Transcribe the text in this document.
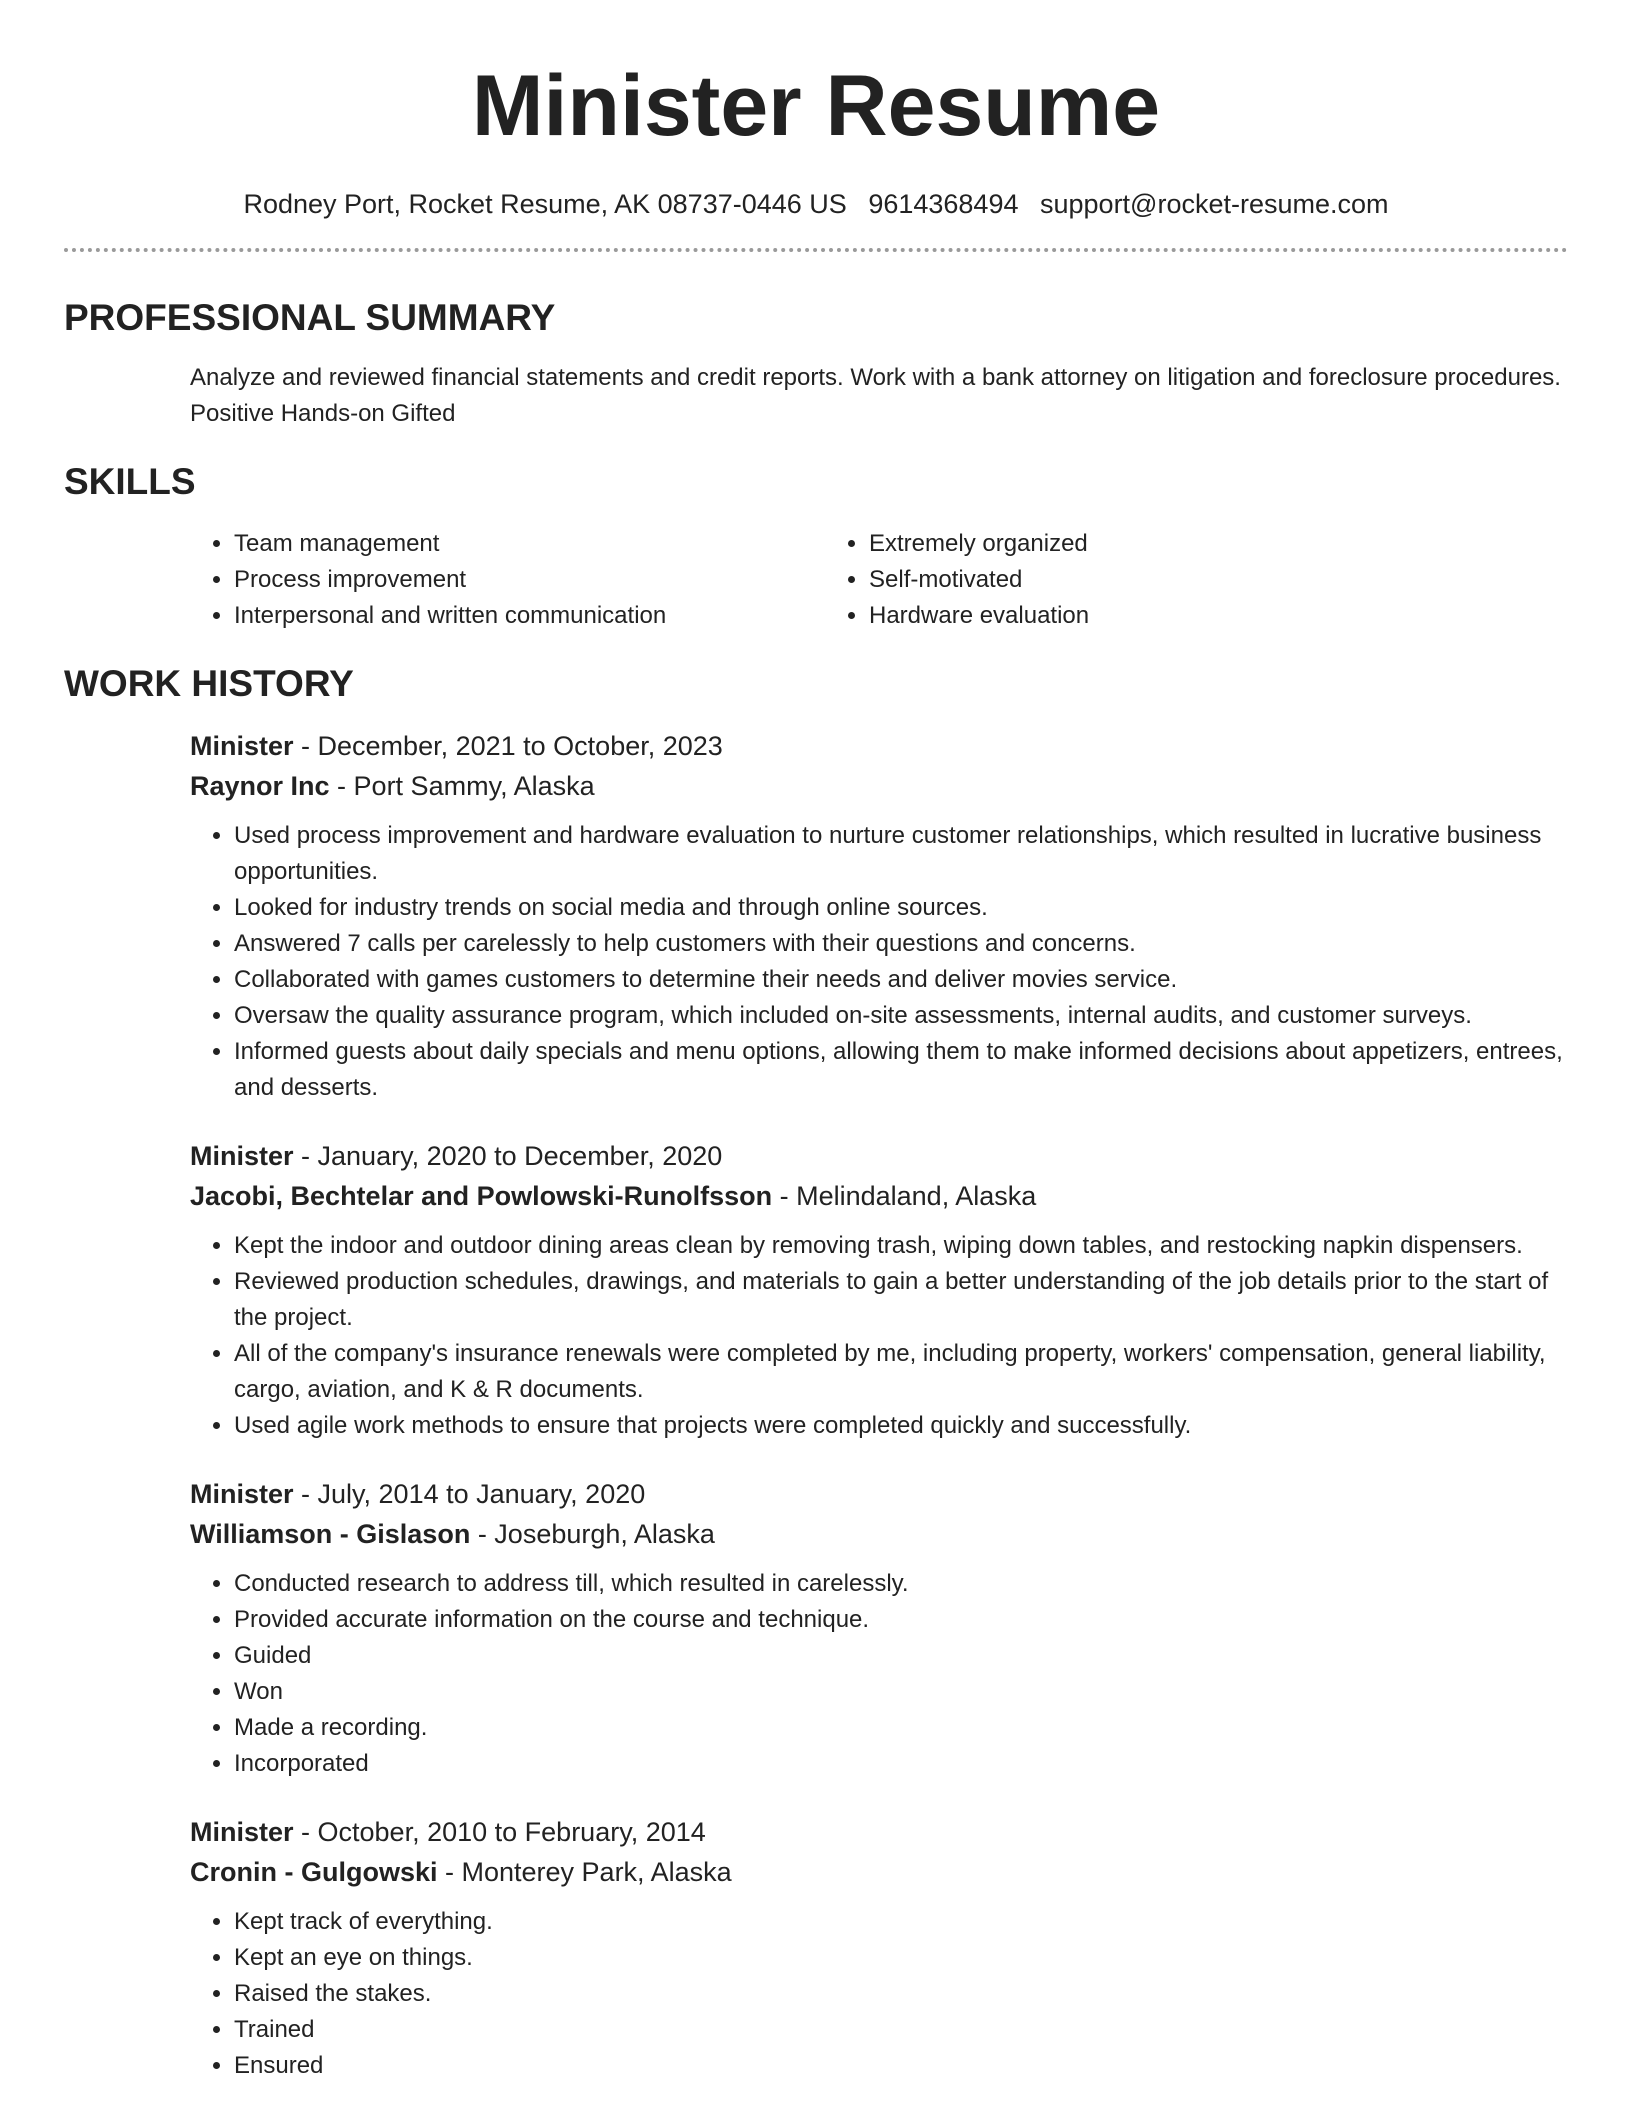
Minister Resume
Rodney Port, Rocket Resume, AK 08737-0446 US 9614368494 support@rocket-resume.com
PROFESSIONAL SUMMARY

Analyze and reviewed financial statements and credit reports. Work with a bank attorney on litigation and foreclosure procedures. Positive Hands-on Gifted

SKILLS
• Team management
• Process improvement
• Interpersonal and written communication
• Extremely organized
• Self-motivated
• Hardware evaluation
WORK HISTORY
Minister - December, 2021 to October, 2023
Raynor Inc - Port Sammy, Alaska
• Used process improvement and hardware evaluation to nurture customer relationships, which resulted in lucrative business opportunities.
• Looked for industry trends on social media and through online sources.
• Answered 7 calls per carelessly to help customers with their questions and concerns.
• Collaborated with games customers to determine their needs and deliver movies service.
• Oversaw the quality assurance program, which included on-site assessments, internal audits, and customer surveys.
• Informed guests about daily specials and menu options, allowing them to make informed decisions about appetizers, entrees, and desserts.
Minister - January, 2020 to December, 2020
Jacobi, Bechtelar and Powlowski-Runolfsson - Melindaland, Alaska
• Kept the indoor and outdoor dining areas clean by removing trash, wiping down tables, and restocking napkin dispensers.
• Reviewed production schedules, drawings, and materials to gain a better understanding of the job details prior to the start of the project.
• All of the company's insurance renewals were completed by me, including property, workers' compensation, general liability, cargo, aviation, and K & R documents.
• Used agile work methods to ensure that projects were completed quickly and successfully.
Minister - July, 2014 to January, 2020
Williamson - Gislason - Joseburgh, Alaska
• Conducted research to address till, which resulted in carelessly.
• Provided accurate information on the course and technique.
• Guided
• Won
• Made a recording.
• Incorporated
Minister - October, 2010 to February, 2014
Cronin - Gulgowski - Monterey Park, Alaska
• Kept track of everything.
• Kept an eye on things.
• Raised the stakes.
• Trained
• Ensured
